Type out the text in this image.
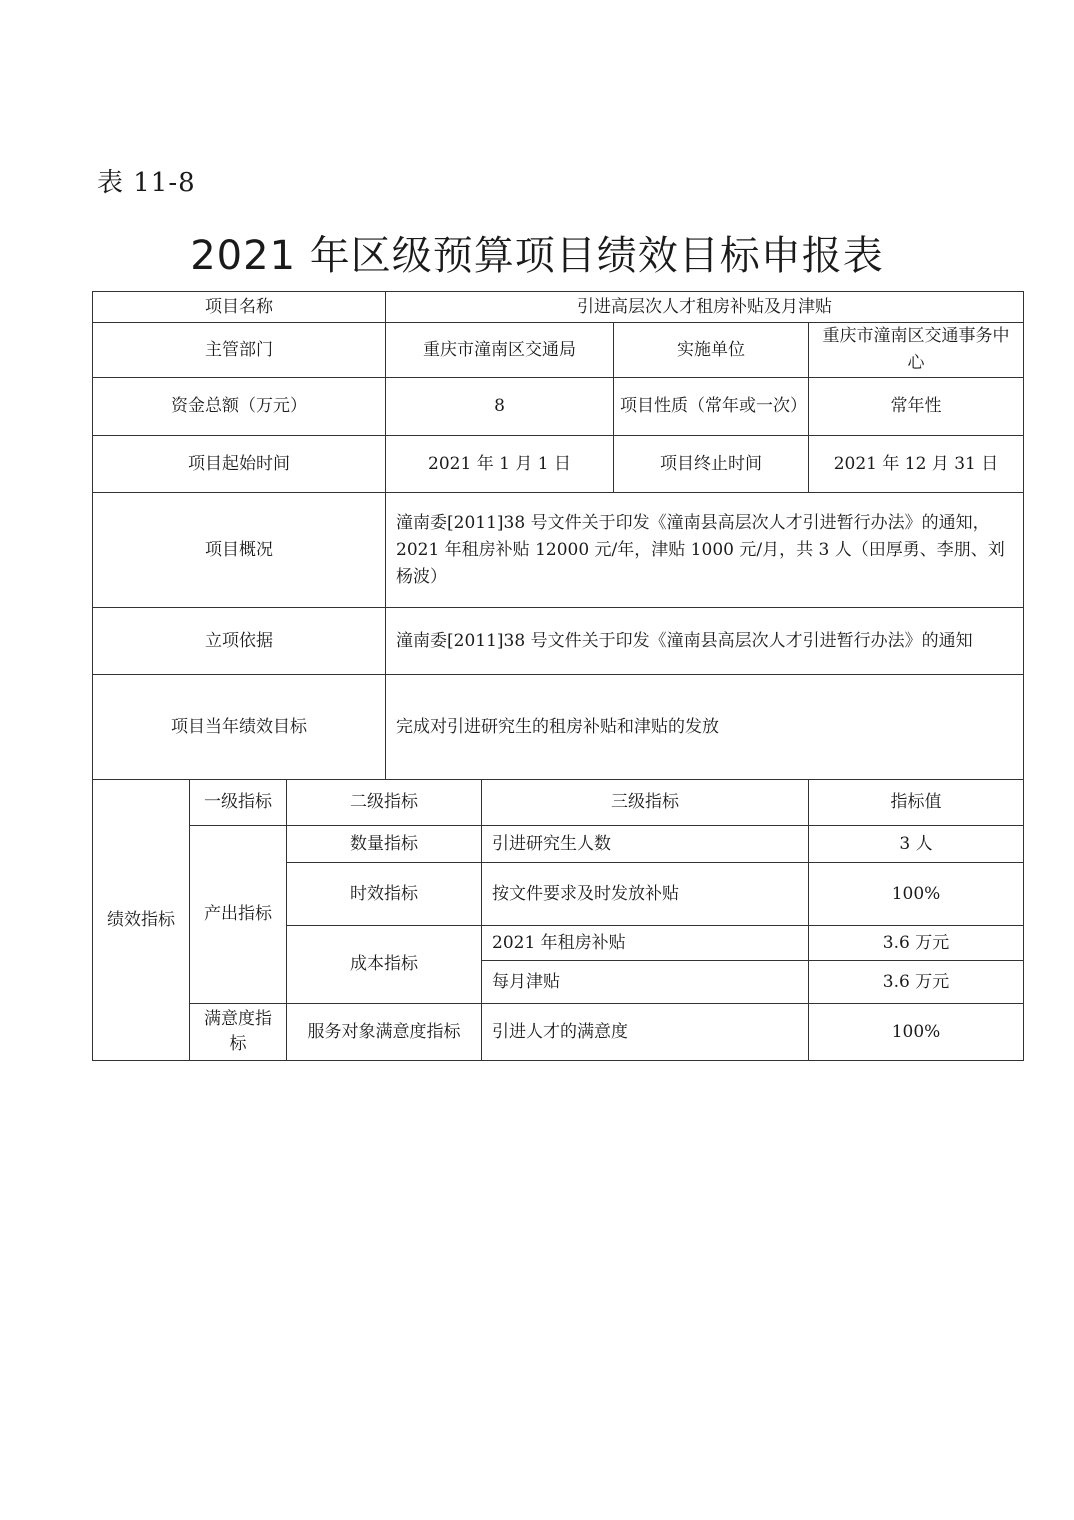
表 11-8
2021 年区级预算项目绩效目标申报表
项目名称			引进高层次人才租房补贴及月津贴			
主管部门			重庆市潼南区交通局		实施单位	重庆市潼南区交通事务中心
资金总额（万元）			8		项目性质（常年或一次）	常年性
项目起始时间			2021 年 1 月 1 日		项目终止时间	2021 年 12 月 31 日
项目概况			潼南委[2011]38 号文件关于印发《潼南县高层次人才引进暂行办法》的通知，2021 年租房补贴 12000 元/年，津贴 1000 元/月，共 3 人（田厚勇、李朋、刘杨波）			
立项依据			潼南委[2011]38 号文件关于印发《潼南县高层次人才引进暂行办法》的通知			
项目当年绩效目标			完成对引进研究生的租房补贴和津贴的发放			
绩效指标	一级指标	二级指标		三级指标		指标值
	产出指标	数量指标		引进研究生人数		3 人
		时效指标		按文件要求及时发放补贴		100%
		成本指标		2021 年租房补贴		3.6 万元
				每月津贴		3.6 万元
	满意度指标	服务对象满意度指标		引进人才的满意度		100%
